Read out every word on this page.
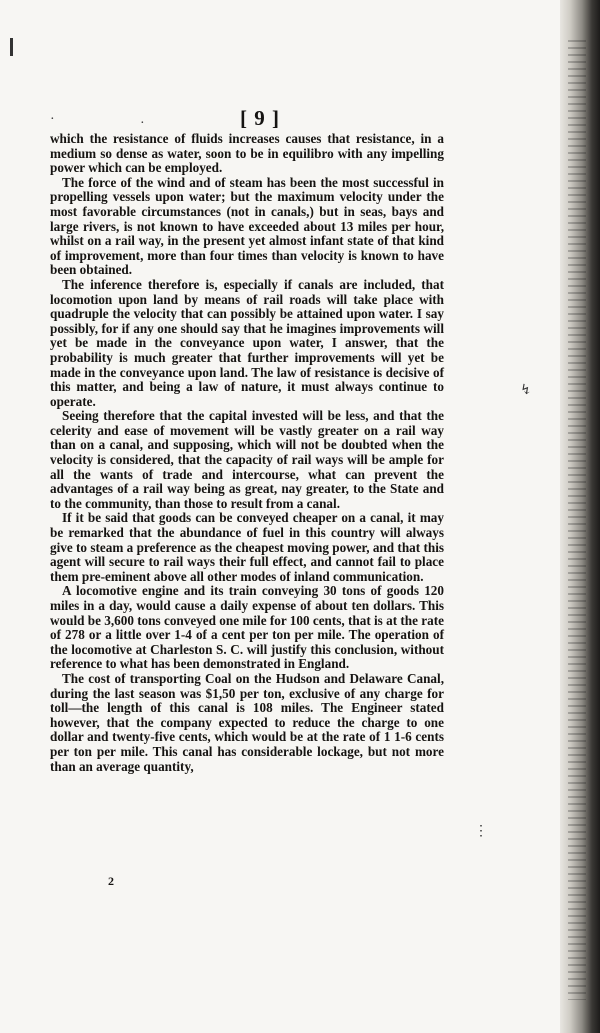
[ 9 ]
·	·

which the resistance of fluids increases causes that resistance, in a medium so dense as water, soon to be in equilibro with any impelling power which can be employed.

The force of the wind and of steam has been the most successful in propelling vessels upon water; but the maximum velocity under the most favorable circumstances (not in canals,) but in seas, bays and large rivers, is not known to have exceeded about 13 miles per hour, whilst on a rail way, in the present yet almost infant state of that kind of improvement, more than four times than velocity is known to have been obtained.

The inference therefore is, especially if canals are included, that locomotion upon land by means of rail roads will take place with quadruple the velocity that can possibly be attained upon water. I say possibly, for if any one should say that he imagines improvements will yet be made in the conveyance upon water, I answer, that the probability is much greater that further improvements will yet be made in the conveyance upon land. The law of resistance is decisive of this matter, and being a law of nature, it must always continue to operate.

Seeing therefore that the capital invested will be less, and that the celerity and ease of movement will be vastly greater on a rail way than on a canal, and supposing, which will not be doubted when the velocity is considered, that the capacity of rail ways will be ample for all the wants of trade and intercourse, what can prevent the advantages of a rail way being as great, nay greater, to the State and to the community, than those to result from a canal.

If it be said that goods can be conveyed cheaper on a canal, it may be remarked that the abundance of fuel in this country will always give to steam a preference as the cheapest moving power, and that this agent will secure to rail ways their full effect, and cannot fail to place them pre-eminent above all other modes of inland communication.

A locomotive engine and its train conveying 30 tons of goods 120 miles in a day, would cause a daily expense of about ten dollars. This would be 3,600 tons conveyed one mile for 100 cents, that is at the rate of 278 or a little over 1-4 of a cent per ton per mile. The operation of the locomotive at Charleston S. C. will justify this conclusion, without reference to what has been demonstrated in England.

The cost of transporting Coal on the Hudson and Delaware Canal, during the last season was $1,50 per ton, exclusive of any charge for toll—the length of this canal is 108 miles. The Engineer stated however, that the company expected to reduce the charge to one dollar and twenty-five cents, which would be at the rate of 1 1-6 cents per ton per mile. This canal has considerable lockage, but not more than an average quantity,

2
↯
⋮
